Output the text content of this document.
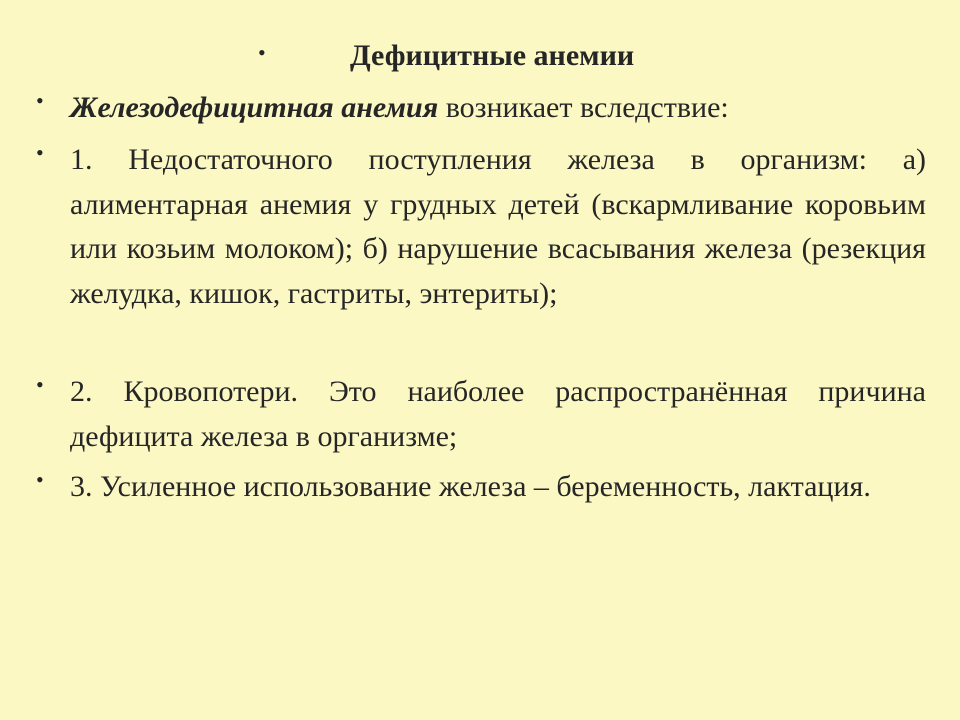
•	Дефицитные анемии
• Железодефицитная анемия возникает вследствие:
• 1. Недостаточного поступления железа в организм: а) алиментарная анемия у грудных детей (вскармливание коровьим или козьим молоком); б) нарушение всасывания железа (резекция желудка, кишок, гастриты, энтериты);
• 2. Кровопотери. Это наиболее распространённая причина дефицита железа в организме;
• 3. Усиленное использование железа – беременность, лактация.
